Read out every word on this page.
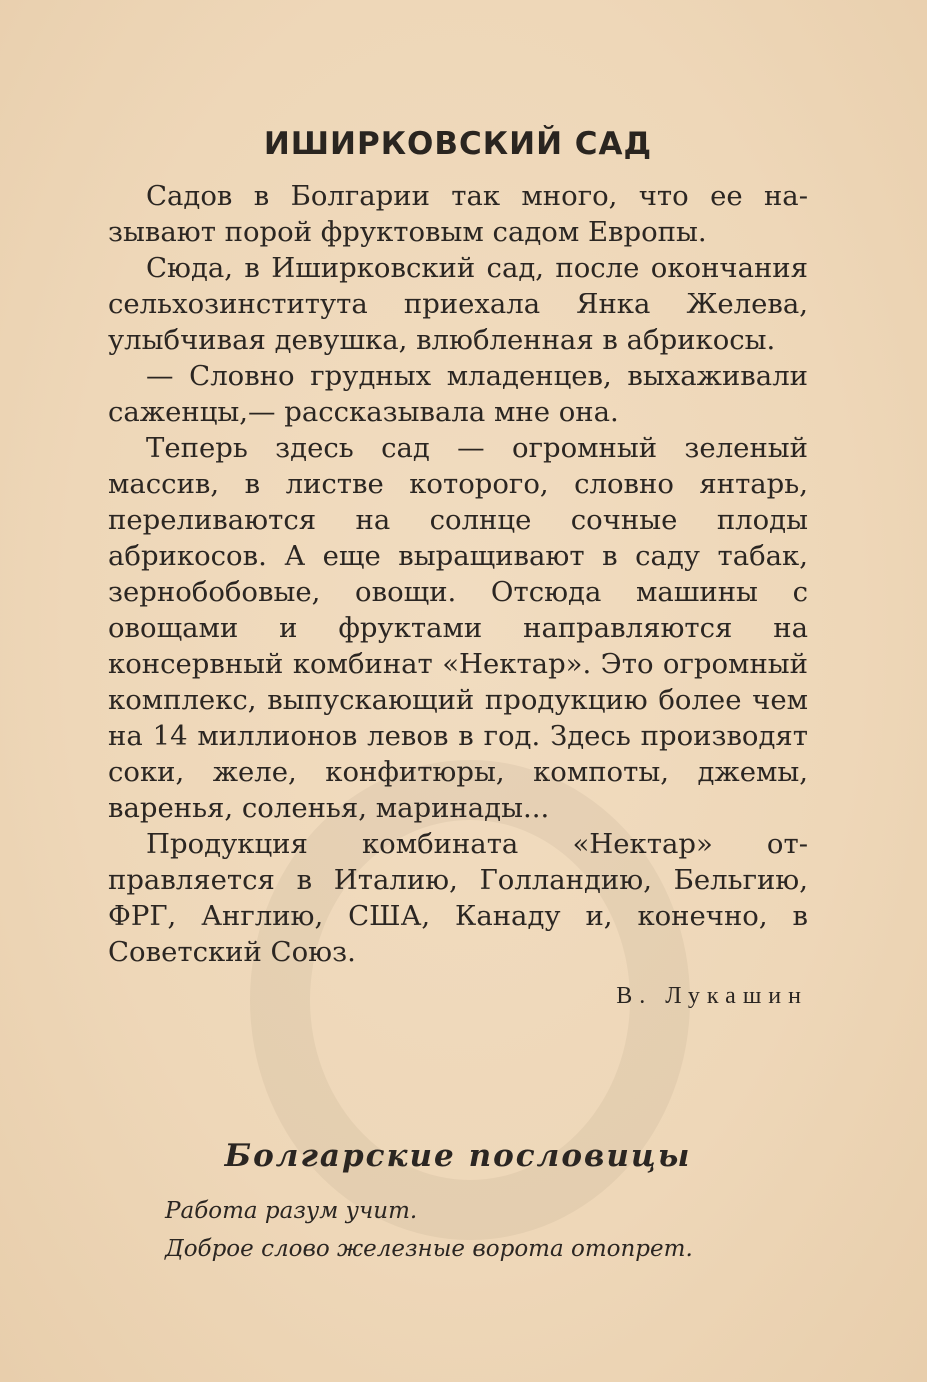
ИШИРКОВСКИЙ САД

Садов в Болгарии так много, что ее называют порой фруктовым садом Европы.

Сюда, в Иширковский сад, после окончания сельхозинститута приехала Янка Желева, улыбчивая девушка, влюбленная в абрикосы.

— Словно грудных младенцев, выхаживали саженцы,— рассказывала мне она.

Теперь здесь сад — огромный зеленый массив, в листве которого, словно янтарь, переливаются на солнце сочные плоды абрикосов. А еще выращивают в саду табак, зернобобовые, овощи. Отсюда машины с овощами и фруктами направляются на консервный комбинат «Нектар». Это огромный комплекс, выпускающий продукцию более чем на 14 миллионов левов в год. Здесь производят соки, желе, конфитюры, компоты, джемы, варенья, соленья, маринады...

Продукция комбината «Нектар» отправляется в Италию, Голландию, Бельгию, ФРГ, Англию, США, Канаду и, конечно, в Советский Союз.

В. Лукашин

Болгарские пословицы
Работа разум учит.
Доброе слово железные ворота отопрет.
